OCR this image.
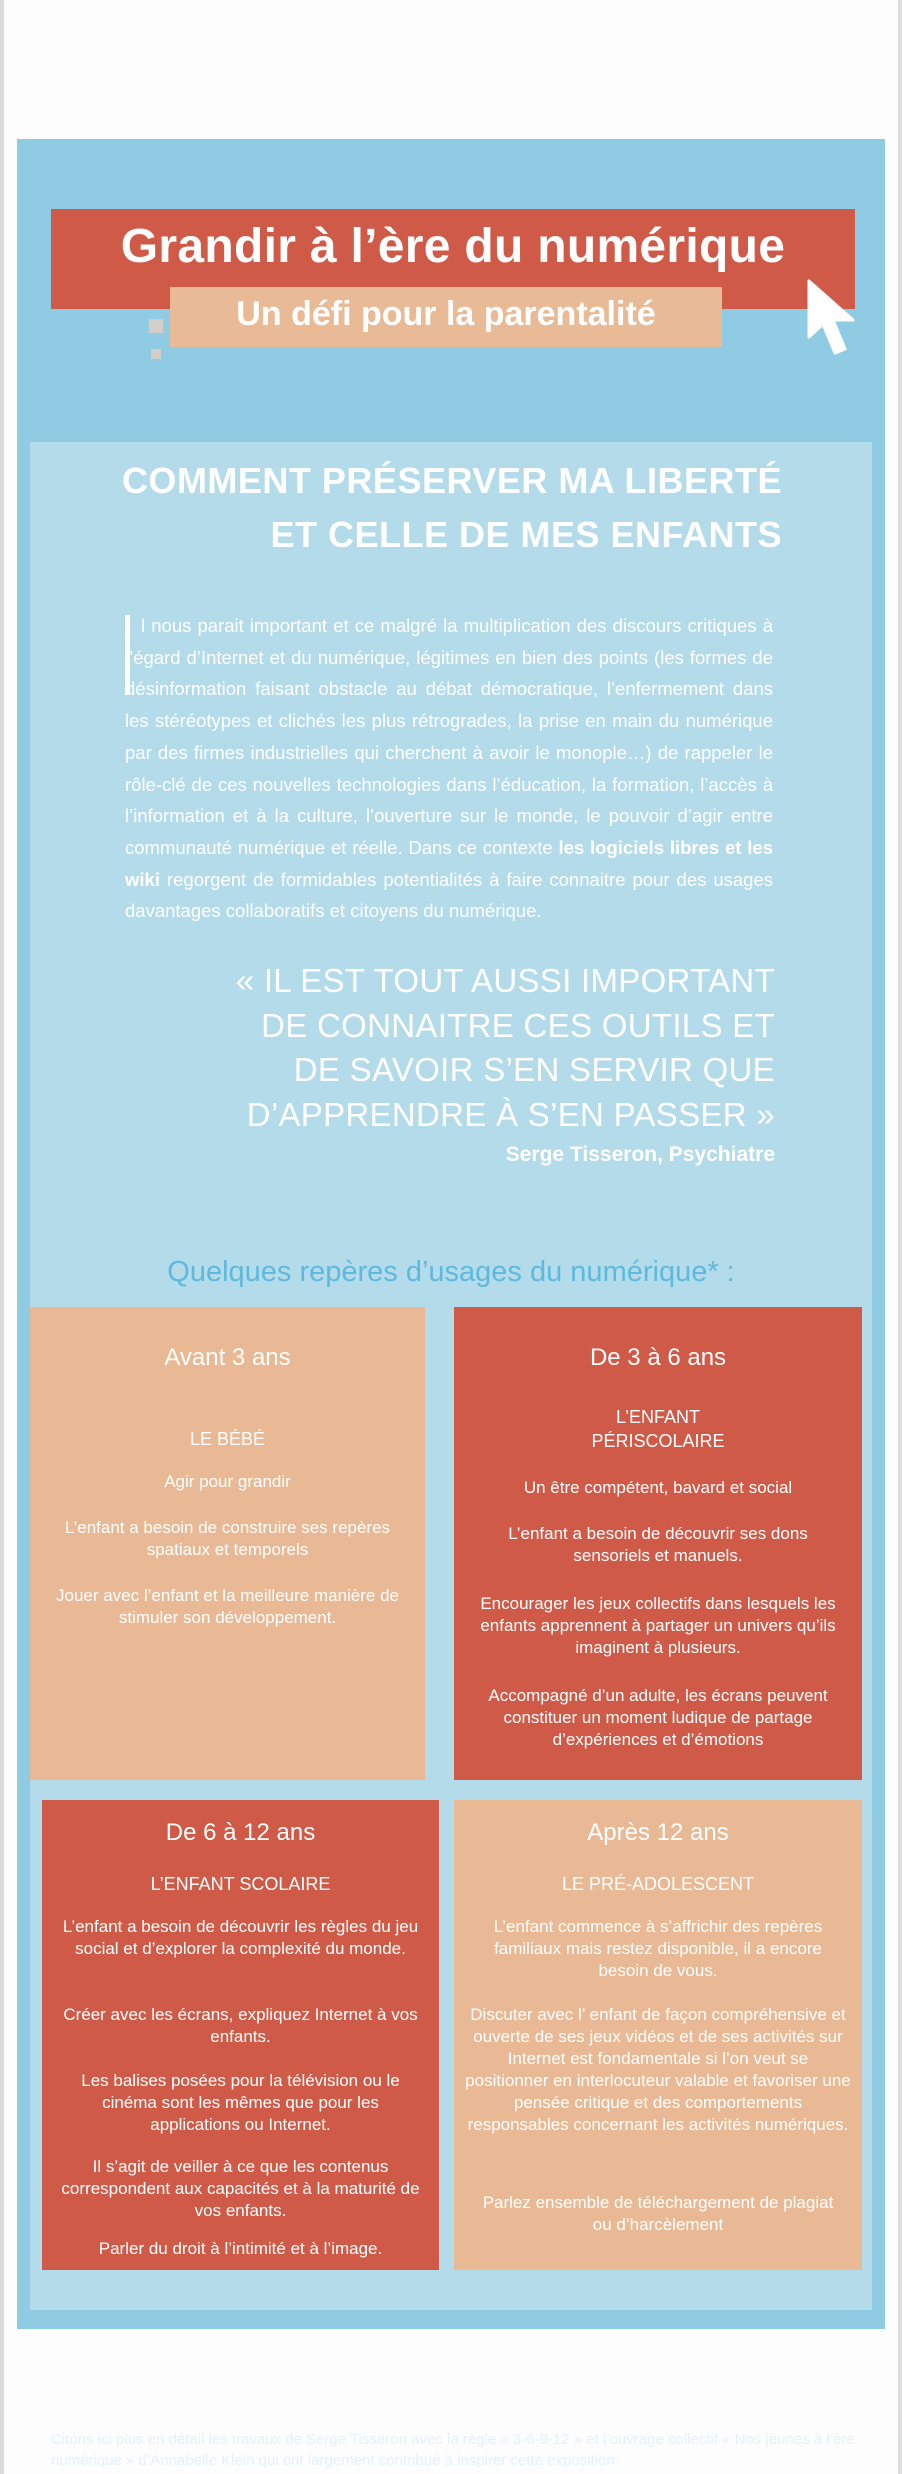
Grandir à l’ère du numérique
Un défi pour la parentalité
COMMENT PRÉSERVER MA LIBERTÉ
ET CELLE DE MES ENFANTS
l nous parait important et ce malgré la multiplication des discours critiques à l’égard d’Internet et du numérique, légitimes en bien des points (les formes de désinformation faisant obstacle au débat démocratique, l’enfermement dans les stéréotypes et clichés les plus rétrogrades, la prise en main du numérique par des firmes industrielles qui cherchent à avoir le monople…) de rappeler le rôle-clé de ces nouvelles technologies dans l’éducation, la formation, l’accès à l’information et à la culture, l’ouverture sur le monde, le pouvoir d’agir entre communauté numérique et réelle. Dans ce contexte les logiciels libres et les wiki regorgent de formidables potentialités à faire connaitre pour des usages davantages collaboratifs et citoyens du numérique.
« IL EST TOUT AUSSI IMPORTANT
DE CONNAITRE CES OUTILS ET
DE SAVOIR S’EN SERVIR QUE
D’APPRENDRE À S’EN PASSER »
Serge Tisseron, Psychiatre
Quelques repères d’usages du numérique* :
Citons ici plus en détail les travaux de Serge Tisseron avec la règle « 3-6-9-12 » et l’ouvrage collectif « Nos jeunes à l’ère numérique » d’Annabelle Klein qui ont largement contribué à inspirer cette exposition.
Avant 3 ans
LE BÉBÉ
Agir pour grandir
L’enfant a besoin de construire ses repères spatiaux et temporels
Jouer avec l’enfant et la meilleure manière de stimuler son développement.
De 3 à 6 ans
L’ENFANT PÉRISCOLAIRE
Un être compétent, bavard et social
L’enfant a besoin de découvrir ses dons sensoriels et manuels.
Encourager les jeux collectifs dans lesquels les enfants apprennent à partager un univers qu’ils imaginent à plusieurs.
Accompagné d’un adulte, les écrans peuvent constituer un moment ludique de partage d’expériences et d’émotions
De 6 à 12 ans
L’ENFANT SCOLAIRE
L’enfant a besoin de découvrir les règles du jeu social et d’explorer la complexité du monde.
Créer avec les écrans, expliquez Internet à vos enfants.
Les balises posées pour la télévision ou le cinéma sont les mêmes que pour les applications ou Internet.
Il s’agit de veiller à ce que les contenus correspondent aux capacités et à la maturité de vos enfants.
Parler du droit à l’intimité et à l’image.
Après 12 ans
LE PRÉ-ADOLESCENT
L’enfant commence à s’affrichir des repères familiaux mais restez disponible, il a encore besoin de vous.
Discuter avec l’ enfant de façon compréhensive et ouverte de ses jeux vidéos et de ses activités sur Internet est fondamentale si l’on veut se positionner en interlocuteur valable et favoriser une pensée critique et des comportements responsables concernant les activités numériques.
Parlez ensemble de téléchargement de plagiat ou d’harcèlement
